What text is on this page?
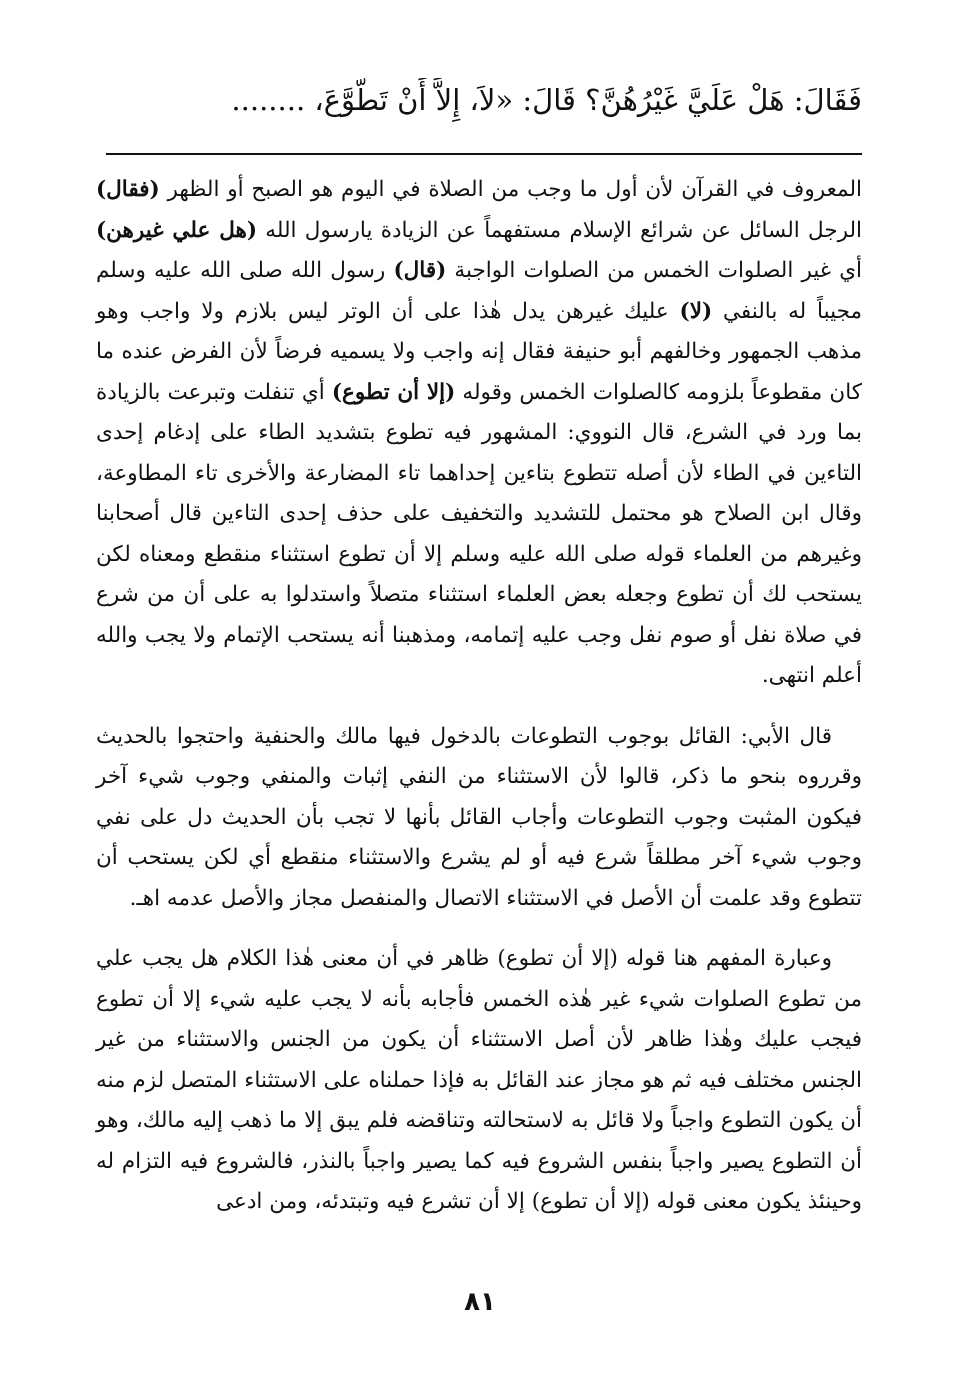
فَقَالَ: هَلْ عَلَيَّ غَيْرُهُنَّ؟ قَالَ: «لاَ، إِلاَّ أَنْ تَطَّوَّعَ، ........

المعروف في القرآن لأن أول ما وجب من الصلاة في اليوم هو الصبح أو الظهر (فقال) الرجل السائل عن شرائع الإسلام مستفهماً عن الزيادة يارسول الله (هل علي غيرهن) أي غير الصلوات الخمس من الصلوات الواجبة (قال) رسول الله صلى الله عليه وسلم مجيباً له بالنفي (لا) عليك غيرهن يدل هٰذا على أن الوتر ليس بلازم ولا واجب وهو مذهب الجمهور وخالفهم أبو حنيفة فقال إنه واجب ولا يسميه فرضاً لأن الفرض عنده ما كان مقطوعاً بلزومه كالصلوات الخمس وقوله (إلا أن تطوع) أي تنفلت وتبرعت بالزيادة بما ورد في الشرع، قال النووي: المشهور فيه تطوع بتشديد الطاء على إدغام إحدى التاءين في الطاء لأن أصله تتطوع بتاءين إحداهما تاء المضارعة والأخرى تاء المطاوعة، وقال ابن الصلاح هو محتمل للتشديد والتخفيف على حذف إحدى التاءين قال أصحابنا وغيرهم من العلماء قوله صلى الله عليه وسلم إلا أن تطوع استثناء منقطع ومعناه لكن يستحب لك أن تطوع وجعله بعض العلماء استثناء متصلاً واستدلوا به على أن من شرع في صلاة نفل أو صوم نفل وجب عليه إتمامه، ومذهبنا أنه يستحب الإتمام ولا يجب والله أعلم انتهى.

قال الأبي: القائل بوجوب التطوعات بالدخول فيها مالك والحنفية واحتجوا بالحديث وقرروه بنحو ما ذكر، قالوا لأن الاستثناء من النفي إثبات والمنفي وجوب شيء آخر فيكون المثبت وجوب التطوعات وأجاب القائل بأنها لا تجب بأن الحديث دل على نفي وجوب شيء آخر مطلقاً شرع فيه أو لم يشرع والاستثناء منقطع أي لكن يستحب أن تتطوع وقد علمت أن الأصل في الاستثناء الاتصال والمنفصل مجاز والأصل عدمه اهـ.

وعبارة المفهم هنا قوله (إلا أن تطوع) ظاهر في أن معنى هٰذا الكلام هل يجب علي من تطوع الصلوات شيء غير هٰذه الخمس فأجابه بأنه لا يجب عليه شيء إلا أن تطوع فيجب عليك وهٰذا ظاهر لأن أصل الاستثناء أن يكون من الجنس والاستثناء من غير الجنس مختلف فيه ثم هو مجاز عند القائل به فإذا حملناه على الاستثناء المتصل لزم منه أن يكون التطوع واجباً ولا قائل به لاستحالته وتناقضه فلم يبق إلا ما ذهب إليه مالك، وهو أن التطوع يصير واجباً بنفس الشروع فيه كما يصير واجباً بالنذر، فالشروع فيه التزام له وحينئذ يكون معنى قوله (إلا أن تطوع) إلا أن تشرع فيه وتبتدئه، ومن ادعى

٨١
